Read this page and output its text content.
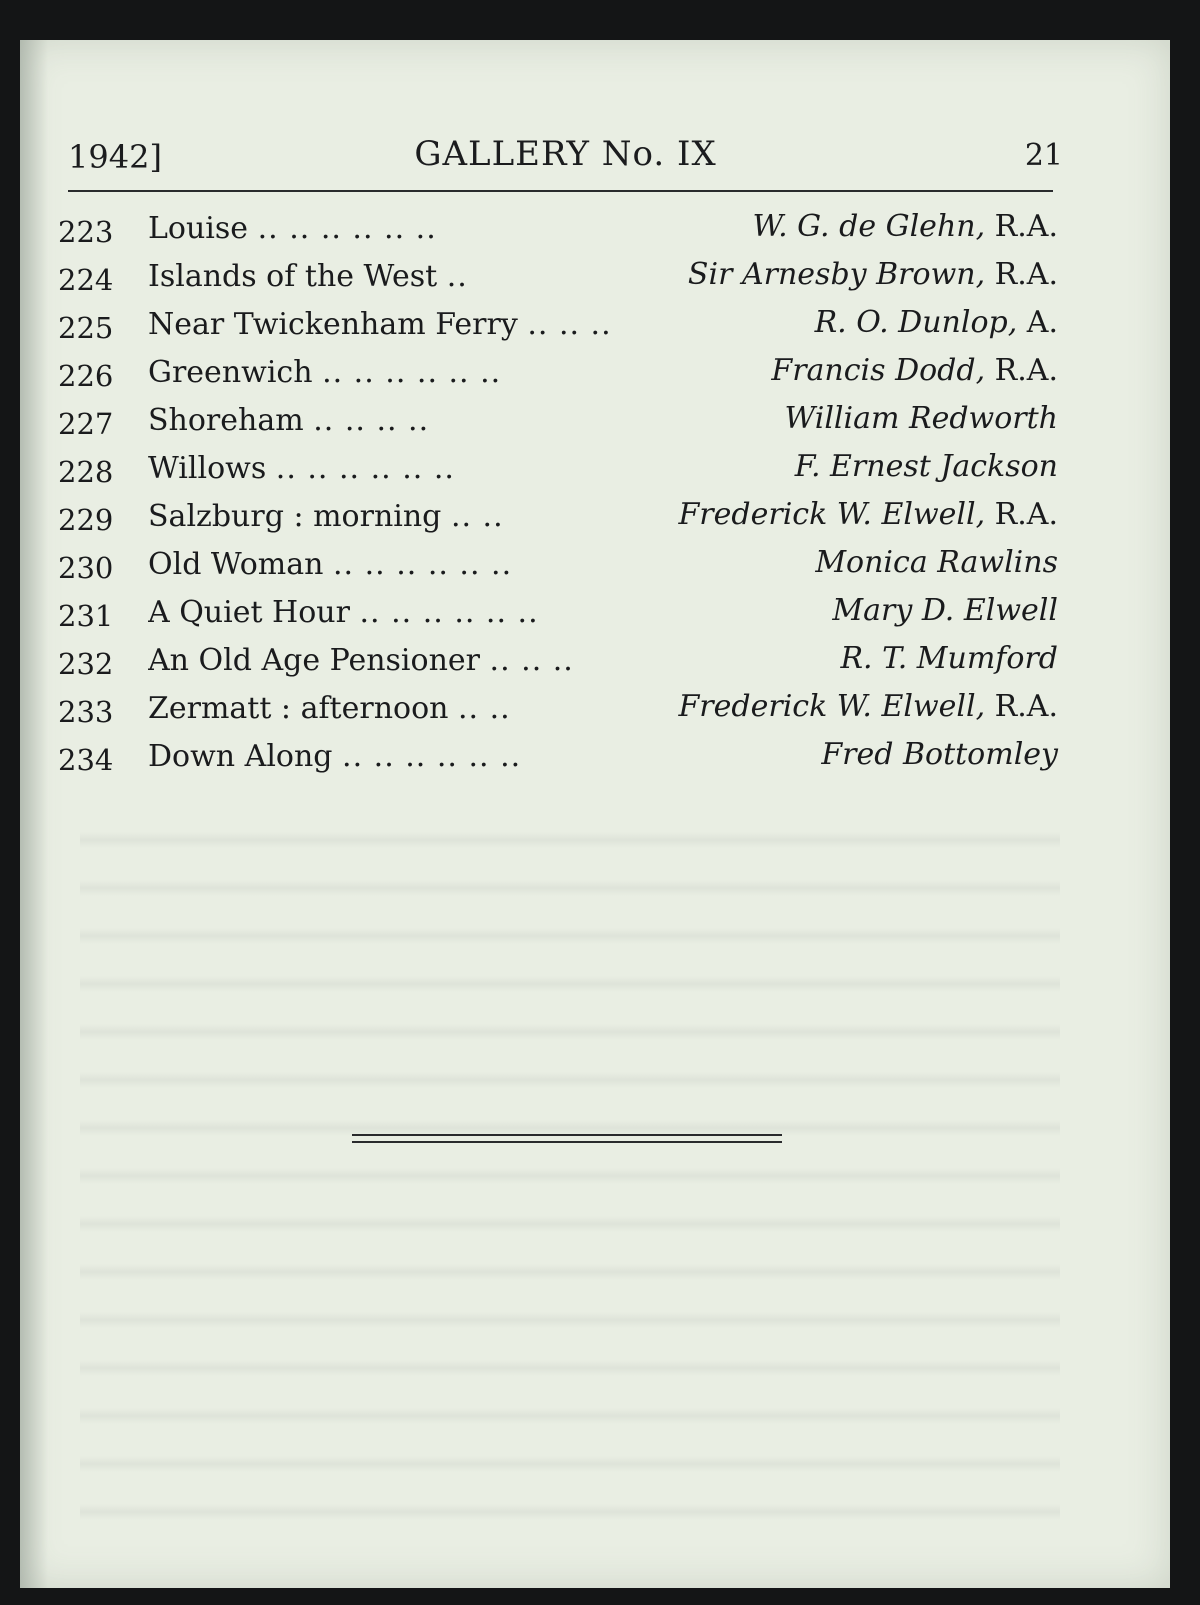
1942]	GALLERY No. IX	21
223	Louise .. .. .. .. .. ..	W. G. de Glehn, R.A.
224	Islands of the West ..	Sir Arnesby Brown, R.A.
225	Near Twickenham Ferry .. .. ..	R. O. Dunlop, A.
226	Greenwich .. .. .. .. .. ..	Francis Dodd, R.A.
227	Shoreham .. .. .. ..	William Redworth
228	Willows .. .. .. .. .. ..	F. Ernest Jackson
229	Salzburg : morning .. ..	Frederick W. Elwell, R.A.
230	Old Woman .. .. .. .. .. ..	Monica Rawlins
231	A Quiet Hour .. .. .. .. .. ..	Mary D. Elwell
232	An Old Age Pensioner .. .. ..	R. T. Mumford
233	Zermatt : afternoon .. ..	Frederick W. Elwell, R.A.
234	Down Along .. .. .. .. .. ..	Fred Bottomley
